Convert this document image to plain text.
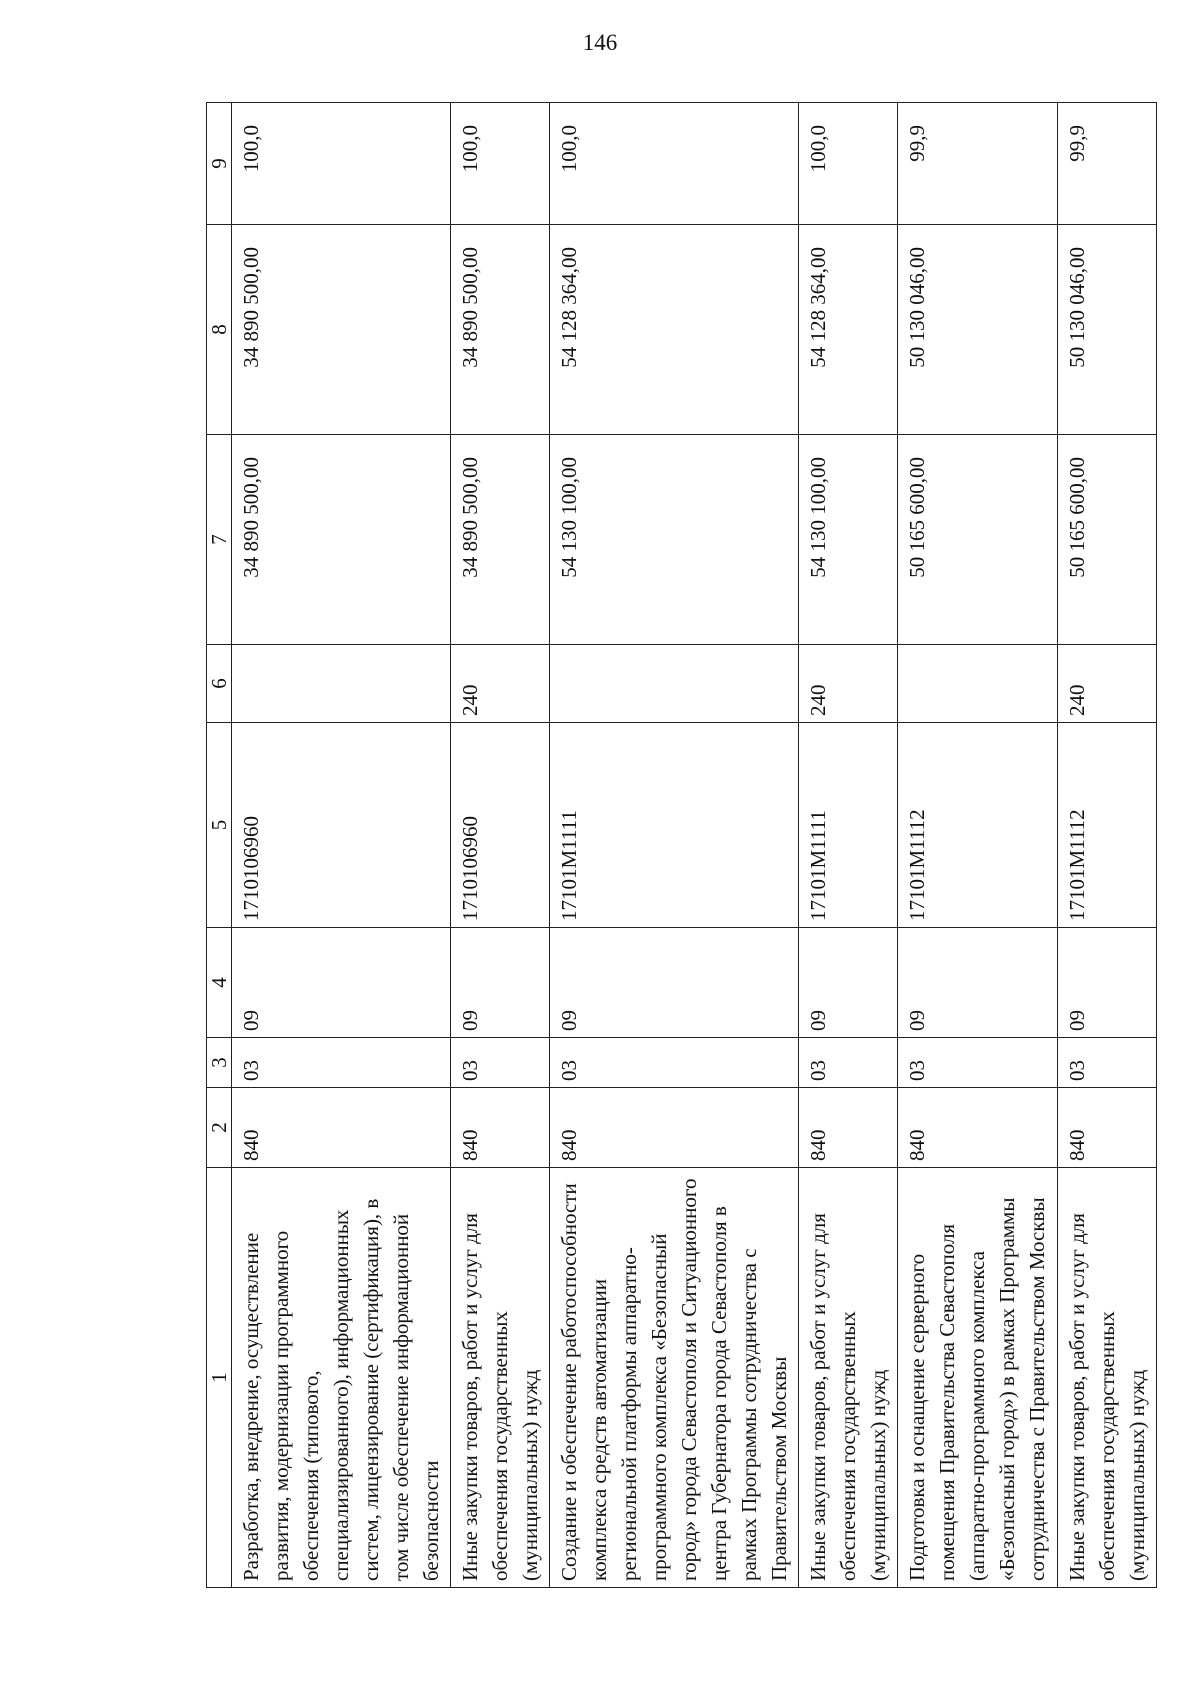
146
1	2	3	4	5	6	7	8	9
Разработка, внедрение, осуществление развития, модернизации программного обеспечения (типового, специализированного), информационных систем, лицензирование (сертификация), в том числе обеспечение информационной безопасности	840	03	09	1710106960		34 890 500,00	34 890 500,00	100,0
Иные закупки товаров, работ и услуг для обеспечения государственных (муниципальных) нужд	840	03	09	1710106960	240	34 890 500,00	34 890 500,00	100,0
Создание и обеспечение работоспособности комплекса средств автоматизации региональной платформы аппаратно-программного комплекса «Безопасный город» города Севастополя и Ситуационного центра Губернатора города Севастополя в рамках Программы сотрудничества с Правительством Москвы	840	03	09	17101M1111		54 130 100,00	54 128 364,00	100,0
Иные закупки товаров, работ и услуг для обеспечения государственных (муниципальных) нужд	840	03	09	17101M1111	240	54 130 100,00	54 128 364,00	100,0
Подготовка и оснащение серверного помещения Правительства Севастополя (аппаратно-программного комплекса «Безопасный город») в рамках Программы сотрудничества с Правительством Москвы	840	03	09	17101M1112		50 165 600,00	50 130 046,00	99,9
Иные закупки товаров, работ и услуг для обеспечения государственных (муниципальных) нужд	840	03	09	17101M1112	240	50 165 600,00	50 130 046,00	99,9
